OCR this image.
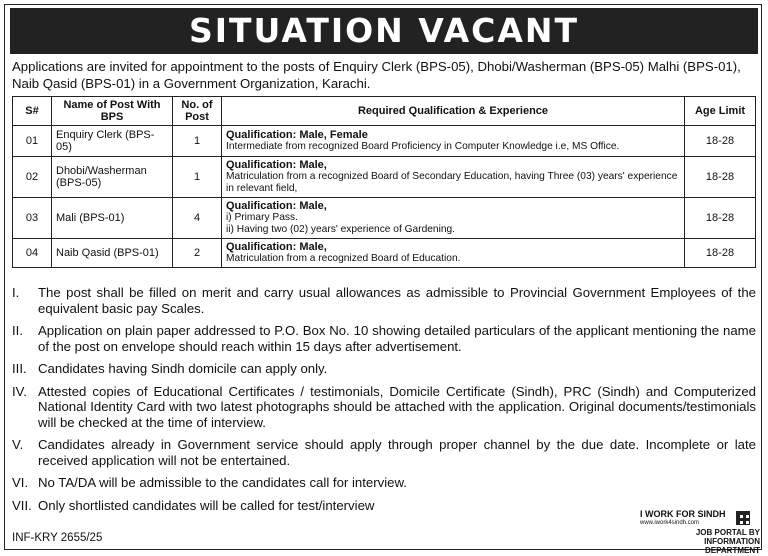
SITUATION VACANT
Applications are invited for appointment to the posts of Enquiry Clerk (BPS-05), Dhobi/Washerman (BPS-05) Malhi (BPS-01), Naib Qasid (BPS-01) in a Government Organization, Karachi.
S#	Name of Post With BPS	No. of Post	Required Qualification & Experience	Age Limit
01	Enquiry Clerk (BPS-05)	1	Qualification: Male, Female
Intermediate from recognized Board Proficiency in Computer Knowledge i.e, MS Office.	18-28
02	Dhobi/Washerman (BPS-05)	1	Qualification: Male,
Matriculation from a recognized Board of Secondary Education, having Three (03) years' experience in relevant field,	18-28
03	Mali (BPS-01)	4	Qualification: Male,
i) Primary Pass.
ii) Having two (02) years' experience of Gardening.	18-28
04	Naib Qasid (BPS-01)	2	Qualification: Male,
Matriculation from a recognized Board of Education.	18-28
I.	The post shall be filled on merit and carry usual allowances as admissible to Provincial Government Employees of the equivalent basic pay Scales.
II.	Application on plain paper addressed to P.O. Box No. 10 showing detailed particulars of the applicant mentioning the name of the post on envelope should reach within 15 days after advertisement.
III. Candidates having Sindh domicile can apply only.
IV. Attested copies of Educational Certificates / testimonials, Domicile Certificate (Sindh), PRC (Sindh) and Computerized National Identity Card with two latest photographs should be attached with the application. Original documents/testimonials will be checked at the time of interview.
V.	Candidates already in Government service should apply through proper channel by the due date. Incomplete or late received application will not be entertained.
VI. No TA/DA will be admissible to the candidates call for interview.
VII. Only shortlisted candidates will be called for test/interview
INF-KRY 2655/25
I WORK FOR SINDH
www.iwork4sindh.com
JOB PORTAL BY INFORMATION DEPARTMENT
